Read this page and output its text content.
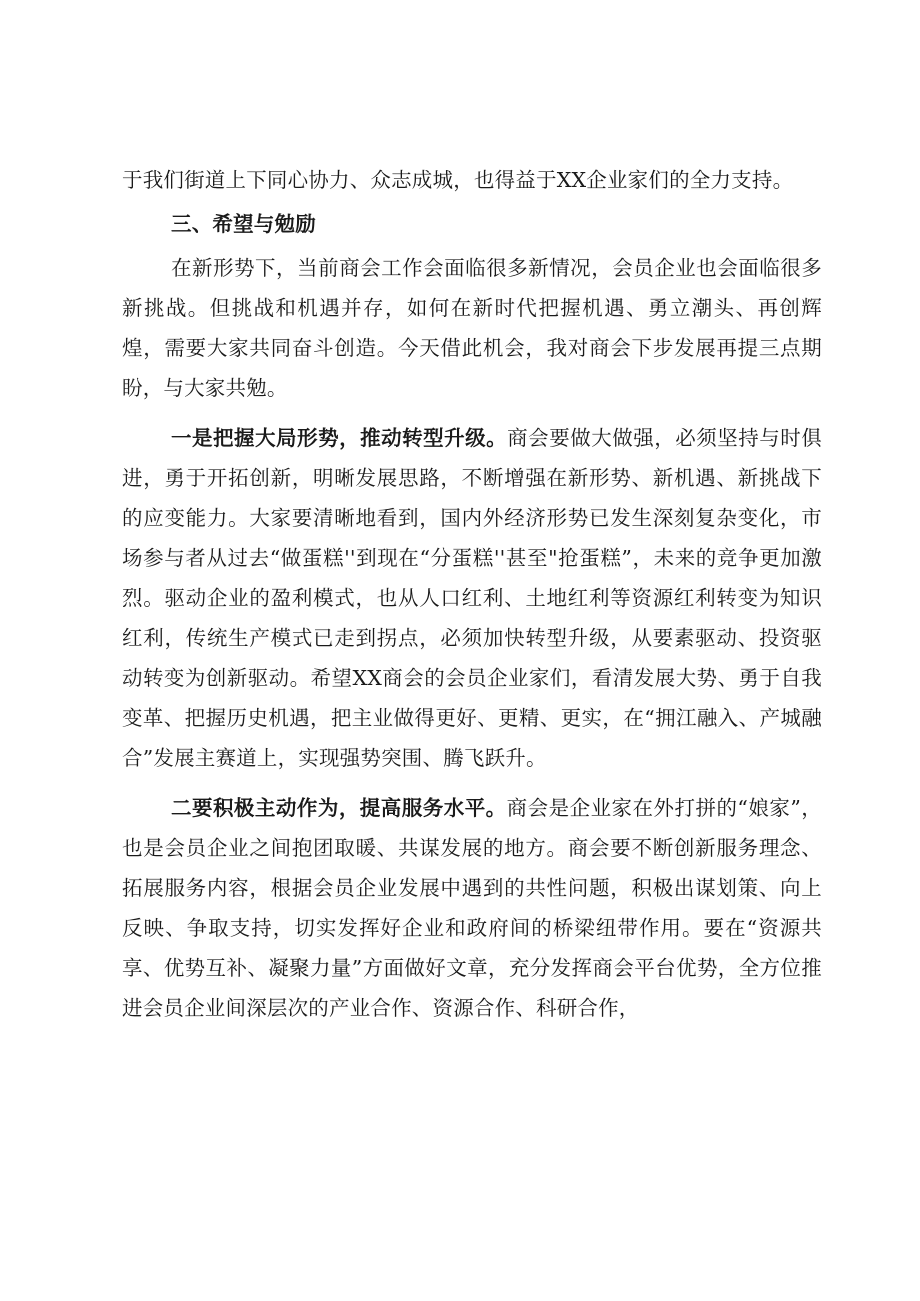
于我们街道上下同心协力、众志成城，也得益于XX企业家们的全力支持。

三、希望与勉励

在新形势下，当前商会工作会面临很多新情况，会员企业也会面临很多新挑战。但挑战和机遇并存，如何在新时代把握机遇、勇立潮头、再创辉煌，需要大家共同奋斗创造。今天借此机会，我对商会下步发展再提三点期盼，与大家共勉。

一是把握大局形势，推动转型升级。商会要做大做强，必须坚持与时俱进，勇于开拓创新，明晰发展思路，不断增强在新形势、新机遇、新挑战下的应变能力。大家要清晰地看到，国内外经济形势已发生深刻复杂变化，市场参与者从过去“做蛋糕''到现在“分蛋糕''甚至"抢蛋糕”，未来的竞争更加激烈。驱动企业的盈利模式，也从人口红利、土地红利等资源红利转变为知识红利，传统生产模式已走到拐点，必须加快转型升级，从要素驱动、投资驱动转变为创新驱动。希望XX商会的会员企业家们，看清发展大势、勇于自我变革、把握历史机遇，把主业做得更好、更精、更实，在“拥江融入、产城融合”发展主赛道上，实现强势突围、腾飞跃升。

二要积极主动作为，提高服务水平。商会是企业家在外打拼的“娘家”，也是会员企业之间抱团取暖、共谋发展的地方。商会要不断创新服务理念、拓展服务内容，根据会员企业发展中遇到的共性问题，积极出谋划策、向上反映、争取支持，切实发挥好企业和政府间的桥梁纽带作用。要在“资源共享、优势互补、凝聚力量”方面做好文章，充分发挥商会平台优势，全方位推进会员企业间深层次的产业合作、资源合作、科研合作，
